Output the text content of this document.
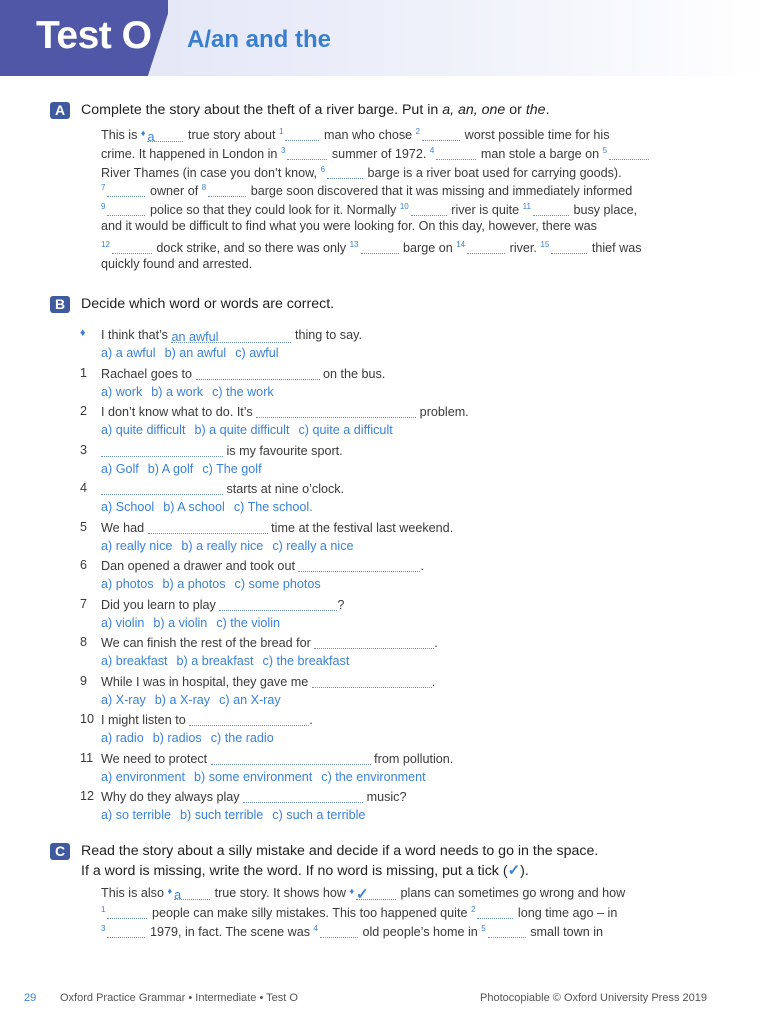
Test O A/an and the
A	Complete the story about the theft of a river barge. Put in a, an, one or the.
This is ♦ a true story about $^1$	man who chose $^2$	worst possible time for his
crime. It happened in London in $^3$	summer of 1972. $^4$	man stole a barge on $^5$
River Thames (in case you don’t know, $^6$	barge is a river boat used for carrying goods).
$^7$	owner of $^8$	barge soon discovered that it was missing and immediately informed
$^9$	police so that they could look for it. Normally $^{10}$	river is quite $^{11}$	busy place,
and it would be difficult to find what you were looking for. On this day, however, there was
$^{12}$	dock strike, and so there was only $^{13}$	barge on $^{14}$	river. $^{15}$	thief was
quickly found and arrested.
B	Decide which word or words are correct.
♦	I think that’s an awful	thing to say.
a) a awful b) an awful c) awful
1	Rachael goes to	on the bus.
a) work b) a work c) the work
2	I don’t know what to do. It’s	problem.
a) quite difficult b) a quite difficult c) quite a difficult
3	is my favourite sport.
a) Golf b) A golf c) The golf
4	starts at nine o’clock.
a) School b) A school c) The school.
5	We had	time at the festival last weekend.
a) really nice b) a really nice c) really a nice
6	Dan opened a drawer and took out	.
a) photos b) a photos c) some photos
7	Did you learn to play	?
a) violin b) a violin c) the violin
8	We can finish the rest of the bread for	.
a) breakfast b) a breakfast c) the breakfast
9	While I was in hospital, they gave me	.
a) X-ray b) a X-ray c) an X-ray
10 I might listen to	.
a) radio b) radios c) the radio
11 We need to protect	from pollution.
a) environment b) some environment c) the environment
12 Why do they always play	music?
a) so terrible b) such terrible c) such a terrible
C	Read the story about a silly mistake and decide if a word needs to go in the space.
If a word is missing, write the word. If no word is missing, put a tick (✓).
This is also ♦ a true story. It shows how ♦ ✓ plans can sometimes go wrong and how
$^1$	people can make silly mistakes. This too happened quite $^2$	long time ago – in
$^3$	1979, in fact. The scene was $^4$	old people’s home in $^5$	small town in
29 Oxford Practice Grammar • Intermediate • Test O	Photocopiable © Oxford University Press 2019
